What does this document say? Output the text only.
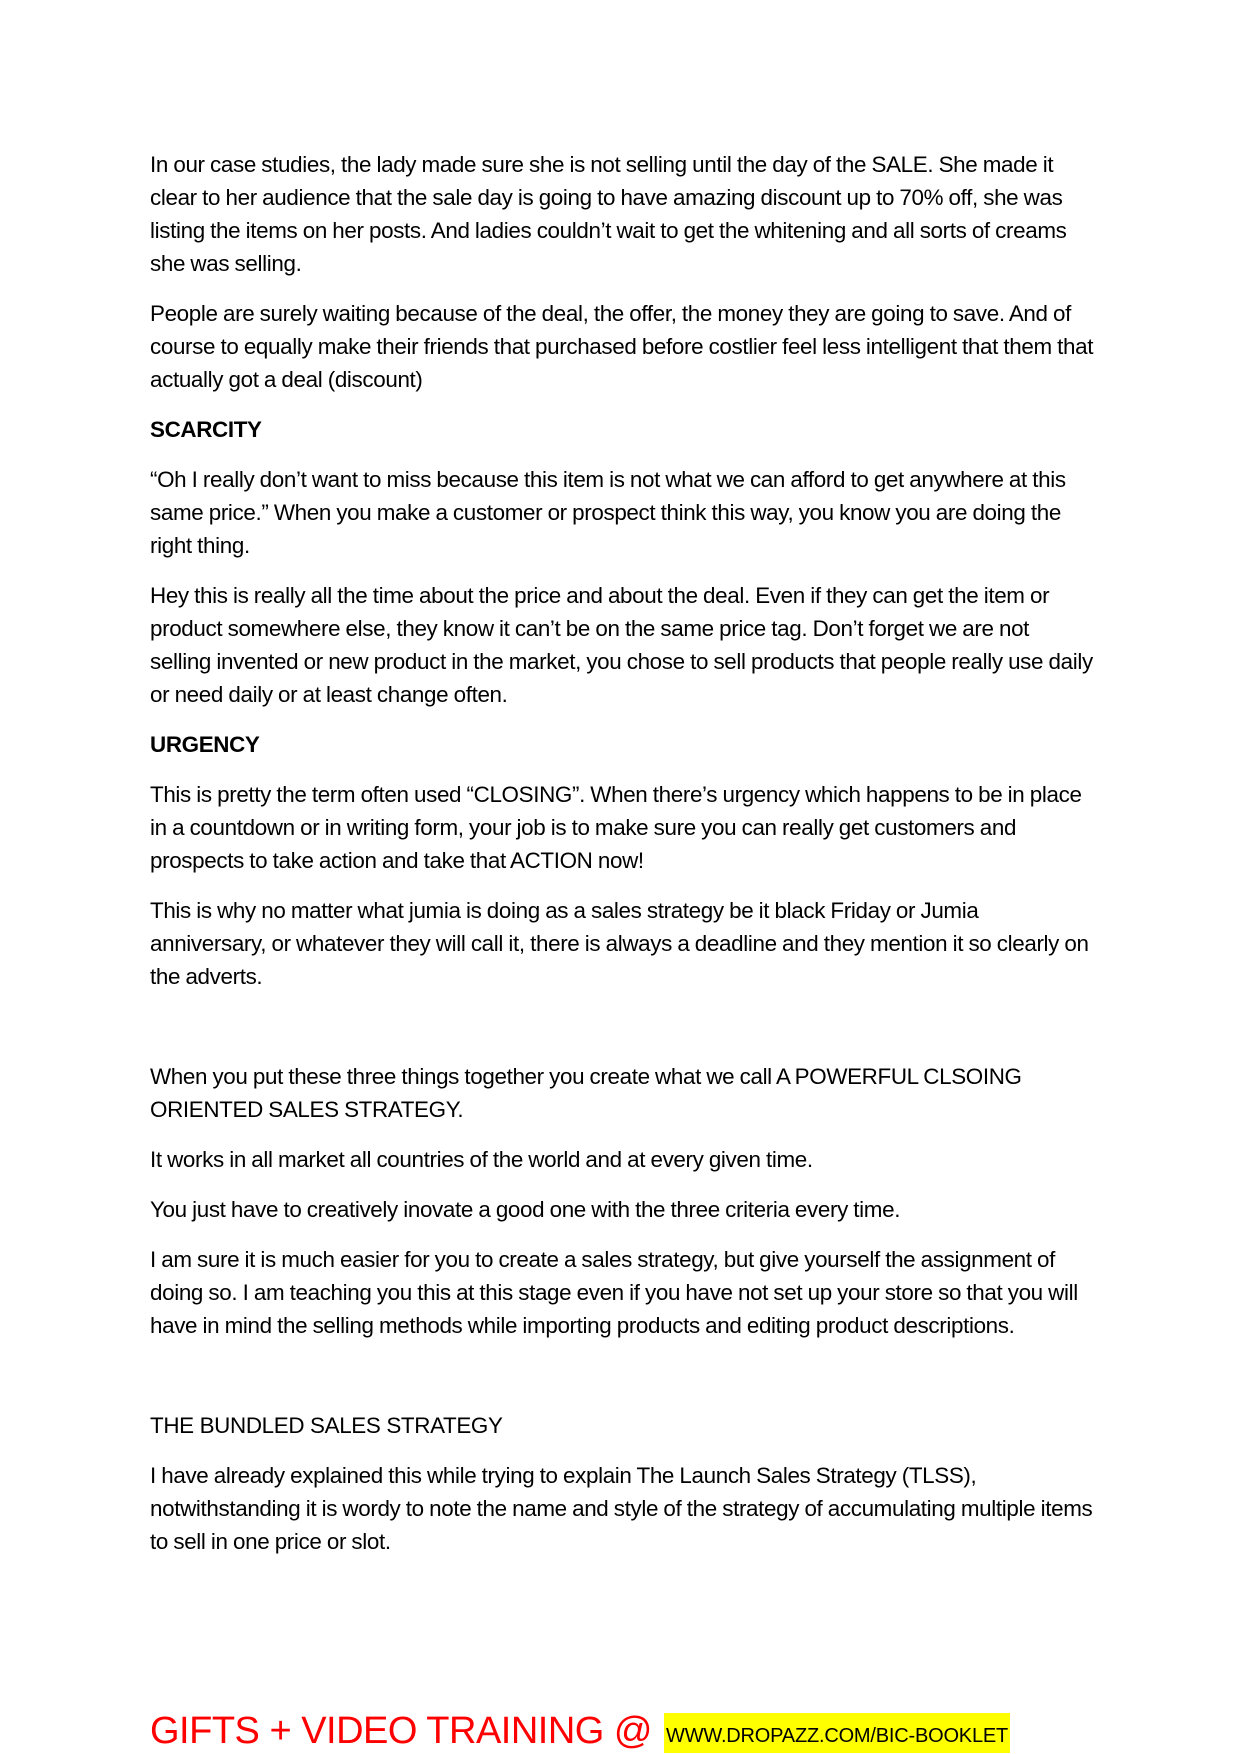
In our case studies, the lady made sure she is not selling until the day of the SALE. She made it clear to her audience that the sale day is going to have amazing discount up to 70% off, she was listing the items on her posts. And ladies couldn’t wait to get the whitening and all sorts of creams she was selling.

People are surely waiting because of the deal, the offer, the money they are going to save. And of course to equally make their friends that purchased before costlier feel less intelligent that them that actually got a deal (discount)

SCARCITY

“Oh I really don’t want to miss because this item is not what we can afford to get anywhere at this same price.” When you make a customer or prospect think this way, you know you are doing the right thing.

Hey this is really all the time about the price and about the deal. Even if they can get the item or product somewhere else, they know it can’t be on the same price tag. Don’t forget we are not selling invented or new product in the market, you chose to sell products that people really use daily or need daily or at least change often.

URGENCY

This is pretty the term often used “CLOSING”. When there’s urgency which happens to be in place in a countdown or in writing form, your job is to make sure you can really get customers and prospects to take action and take that ACTION now!

This is why no matter what jumia is doing as a sales strategy be it black Friday or Jumia anniversary, or whatever they will call it, there is always a deadline and they mention it so clearly on the adverts.

When you put these three things together you create what we call A POWERFUL CLSOING ORIENTED SALES STRATEGY.

It works in all market all countries of the world and at every given time.

You just have to creatively inovate a good one with the three criteria every time.

I am sure it is much easier for you to create a sales strategy, but give yourself the assignment of doing so. I am teaching you this at this stage even if you have not set up your store so that you will have in mind the selling methods while importing products and editing product descriptions.

THE BUNDLED SALES STRATEGY

I have already explained this while trying to explain The Launch Sales Strategy (TLSS), notwithstanding it is wordy to note the name and style of the strategy of accumulating multiple items to sell in one price or slot.

GIFTS + VIDEO TRAINING @ WWW.DROPAZZ.COM/BIC-BOOKLET
